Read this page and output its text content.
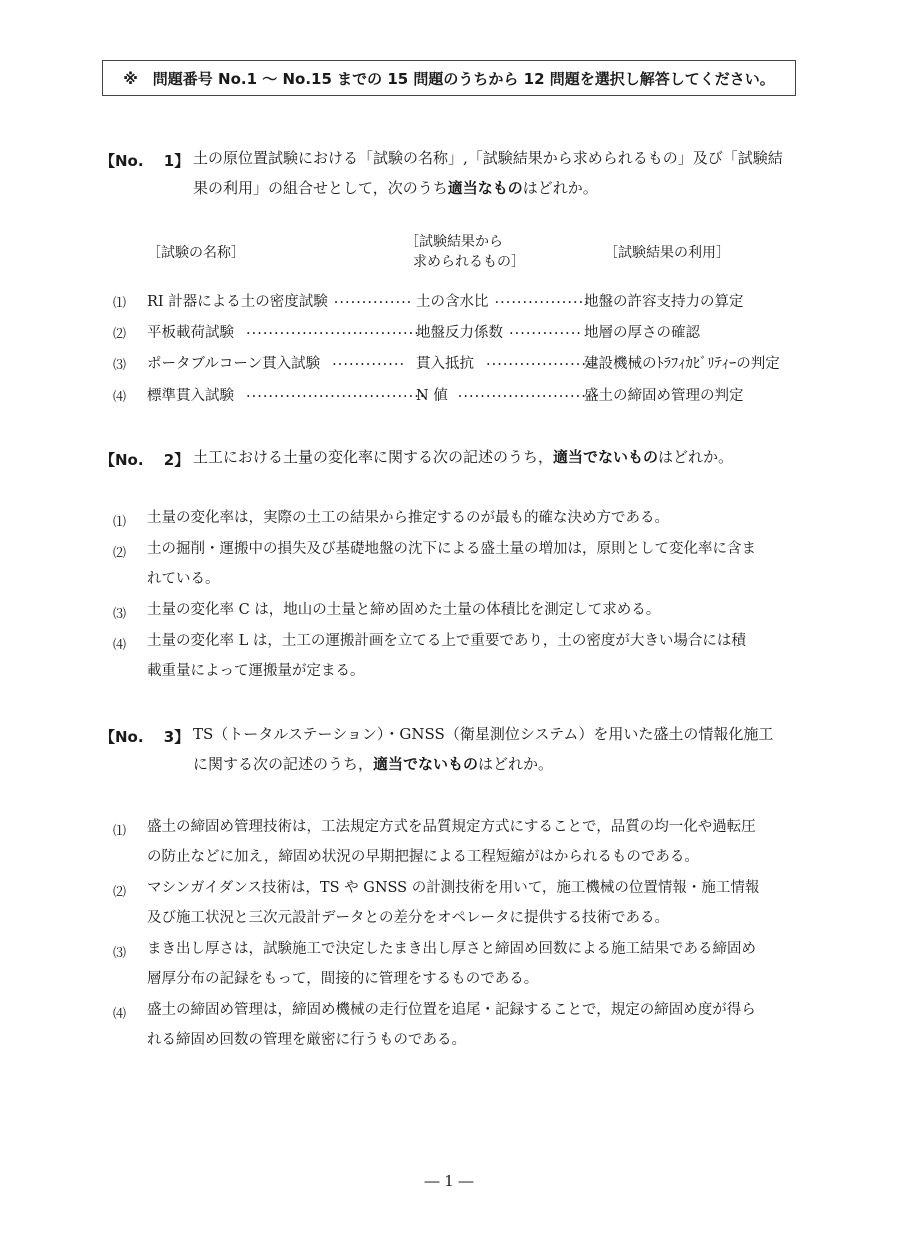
※　問題番号 No.1 ～ No.15 までの 15 問題のうちから 12 問題を選択し解答してください。
【No.　 1】 土の原位置試験における「試験の名称」,「試験結果から求められるもの」及び「試験結
果の利用」の組合せとして，次のうち適当なものはどれか。
［試験の名称］
［試験結果から
求められるもの］
［試験結果の利用］
⑴ RI 計器による土の密度試験 ·············· 土の含水比 ·················
地盤の許容支持力の算定
⑵ 平板載荷試験 ································
地盤反力係数 ············· 地層の厚さの確認
⑶ ポータブルコーン貫入試験 ············· 貫入抵抗 ····················
建設機械のﾄﾗﾌｨｶﾋﾞﾘﾃｨｰの判定
⑷ 標準貫入試験 ································
N 値 ·························
盛土の締固め管理の判定
【No.　 2】 土工における土量の変化率に関する次の記述のうち，適当でないものはどれか。
⑴ 土量の変化率は，実際の土工の結果から推定するのが最も的確な決め方である。
⑵ 土の掘削・運搬中の損失及び基礎地盤の沈下による盛土量の増加は，原則として変化率に含ま
れている。
⑶ 土量の変化率 C は，地山の土量と締め固めた土量の体積比を測定して求める。
⑷ 土量の変化率 L は，土工の運搬計画を立てる上で重要であり，土の密度が大きい場合には積
載重量によって運搬量が定まる。
【No.　 3】 TS（トータルステーション）・GNSS（衛星測位システム）を用いた盛土の情報化施工
に関する次の記述のうち，適当でないものはどれか。
⑴ 盛土の締固め管理技術は，工法規定方式を品質規定方式にすることで，品質の均一化や過転圧
の防止などに加え，締固め状況の早期把握による工程短縮がはかられるものである。
⑵ マシンガイダンス技術は，TS や GNSS の計測技術を用いて，施工機械の位置情報・施工情報
及び施工状況と三次元設計データとの差分をオペレータに提供する技術である。
⑶ まき出し厚さは，試験施工で決定したまき出し厚さと締固め回数による施工結果である締固め
層厚分布の記録をもって，間接的に管理をするものである。
⑷ 盛土の締固め管理は，締固め機械の走行位置を追尾・記録することで，規定の締固め度が得ら
れる締固め回数の管理を厳密に行うものである。
― 1 ―
